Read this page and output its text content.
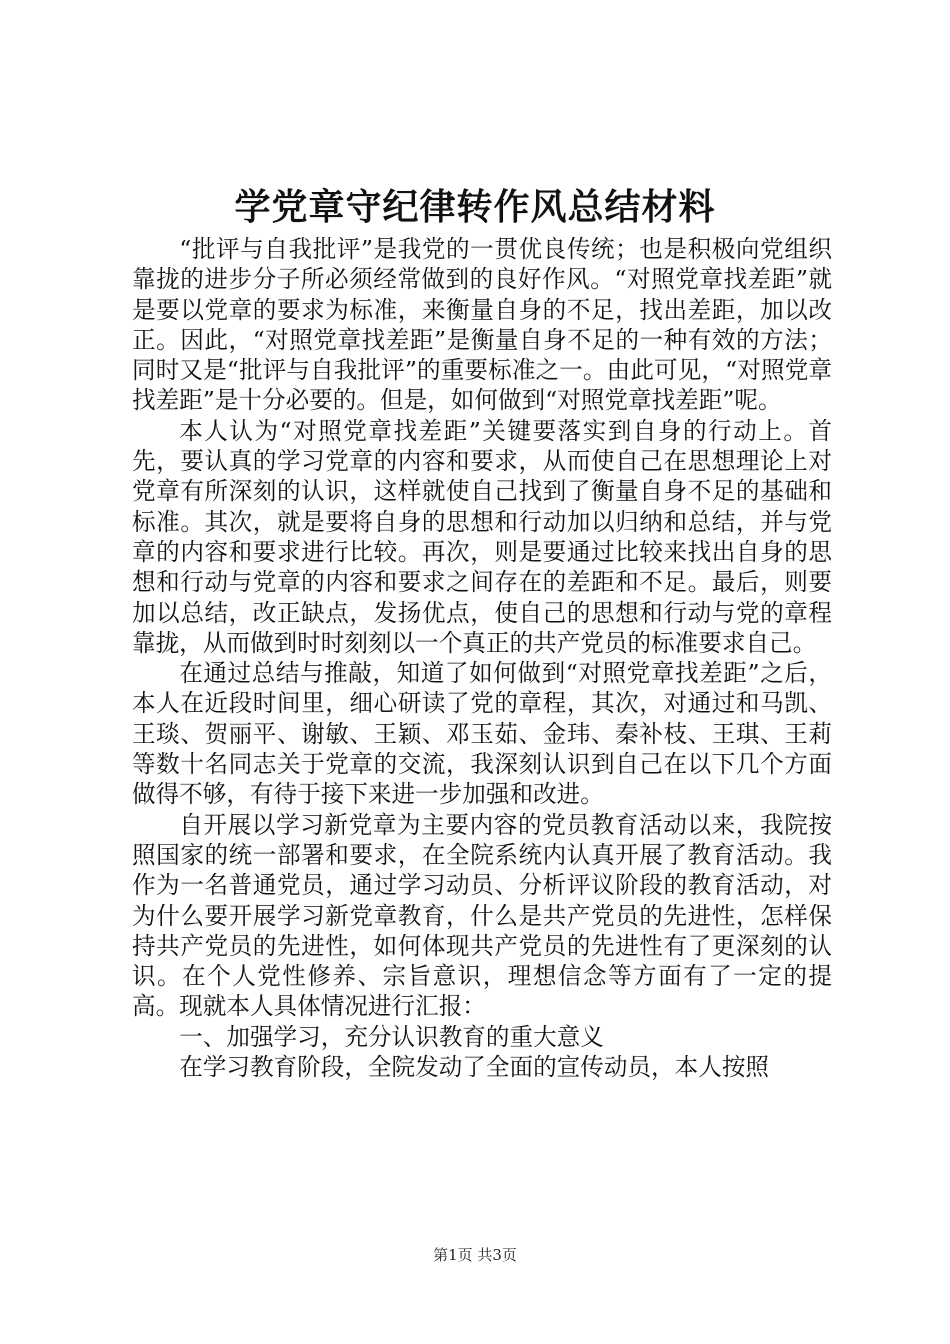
学党章守纪律转作风总结材料

“批评与自我批评”是我党的一贯优良传统；也是积极向党组织靠拢的进步分子所必须经常做到的良好作风。“对照党章找差距”就是要以党章的要求为标准，来衡量自身的不足，找出差距，加以改正。因此，“对照党章找差距”是衡量自身不足的一种有效的方法；同时又是“批评与自我批评”的重要标准之一。由此可见，“对照党章找差距”是十分必要的。但是，如何做到“对照党章找差距”呢。

本人认为“对照党章找差距”关键要落实到自身的行动上。首先，要认真的学习党章的内容和要求，从而使自己在思想理论上对党章有所深刻的认识，这样就使自己找到了衡量自身不足的基础和标准。其次，就是要将自身的思想和行动加以归纳和总结，并与党章的内容和要求进行比较。再次，则是要通过比较来找出自身的思想和行动与党章的内容和要求之间存在的差距和不足。最后，则要加以总结，改正缺点，发扬优点，使自己的思想和行动与党的章程靠拢，从而做到时时刻刻以一个真正的共产党员的标准要求自己。

在通过总结与推敲，知道了如何做到“对照党章找差距”之后，本人在近段时间里，细心研读了党的章程，其次，对通过和马凯、王琰、贺丽平、谢敏、王颖、邓玉茹、金玮、秦补枝、王琪、王莉等数十名同志关于党章的交流，我深刻认识到自己在以下几个方面做得不够，有待于接下来进一步加强和改进。

自开展以学习新党章为主要内容的党员教育活动以来，我院按照国家的统一部署和要求，在全院系统内认真开展了教育活动。我作为一名普通党员，通过学习动员、分析评议阶段的教育活动，对为什么要开展学习新党章教育，什么是共产党员的先进性，怎样保持共产党员的先进性，如何体现共产党员的先进性有了更深刻的认识。在个人党性修养、宗旨意识，理想信念等方面有了一定的提高。现就本人具体情况进行汇报：

一、加强学习，充分认识教育的重大意义

在学习教育阶段，全院发动了全面的宣传动员，本人按照

第1页 共3页
